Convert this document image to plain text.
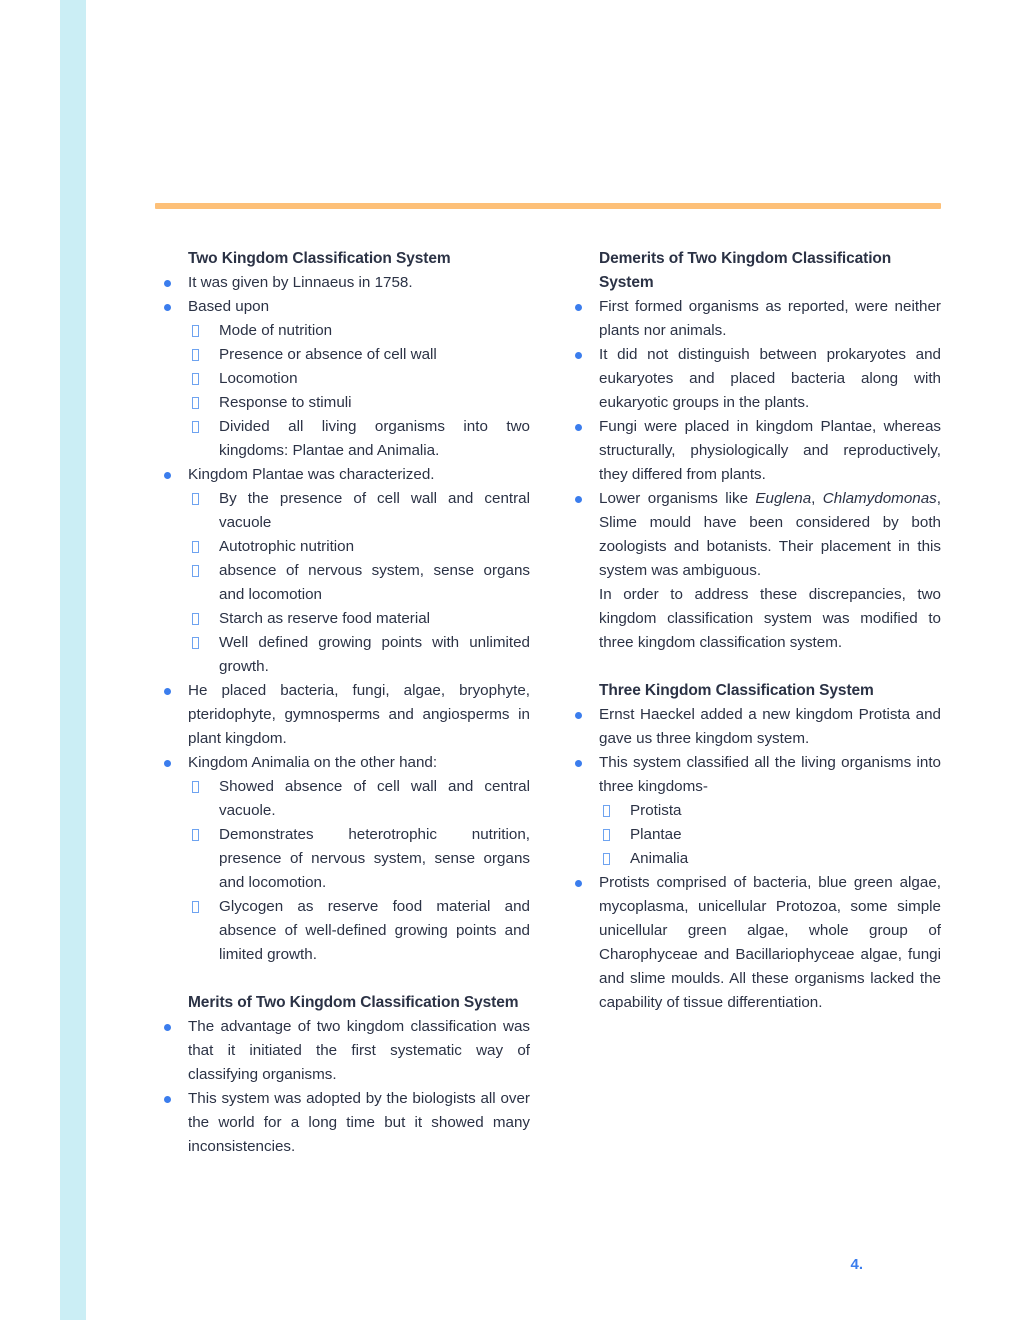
Two Kingdom Classification System
It was given by Linnaeus in 1758.
Based upon
Mode of nutrition
Presence or absence of cell wall
Locomotion
Response to stimuli
Divided all living organisms into two kingdoms: Plantae and Animalia.
Kingdom Plantae was characterized.
By the presence of cell wall and central vacuole
Autotrophic nutrition
absence of nervous system, sense organs and locomotion
Starch as reserve food material
Well defined growing points with unlimited growth.
He placed bacteria, fungi, algae, bryophyte, pteridophyte, gymnosperms and angiosperms in plant kingdom.
Kingdom Animalia on the other hand:
Showed absence of cell wall and central vacuole.
Demonstrates heterotrophic nutrition, presence of nervous system, sense organs and locomotion.
Glycogen as reserve food material and absence of well-defined growing points and limited growth.
Merits of Two Kingdom Classification System
The advantage of two kingdom classification was that it initiated the first systematic way of classifying organisms.
This system was adopted by the biologists all over the world for a long time but it showed many inconsistencies.
Demerits of Two Kingdom Classification System
First formed organisms as reported, were neither plants nor animals.
It did not distinguish between prokaryotes and eukaryotes and placed bacteria along with eukaryotic groups in the plants.
Fungi were placed in kingdom Plantae, whereas structurally, physiologically and reproductively, they differed from plants.
Lower organisms like Euglena, Chlamydomonas, Slime mould have been considered by both zoologists and botanists. Their placement in this system was ambiguous.

In order to address these discrepancies, two kingdom classification system was modified to three kingdom classification system.

Three Kingdom Classification System
Ernst Haeckel added a new kingdom Protista and gave us three kingdom system.
This system classified all the living organisms into three kingdoms-
Protista
Plantae
Animalia
Protists comprised of bacteria, blue green algae, mycoplasma, unicellular Protozoa, some simple unicellular green algae, whole group of Charophyceae and Bacillariophyceae algae, fungi and slime moulds. All these organisms lacked the capability of tissue differentiation.
4.
